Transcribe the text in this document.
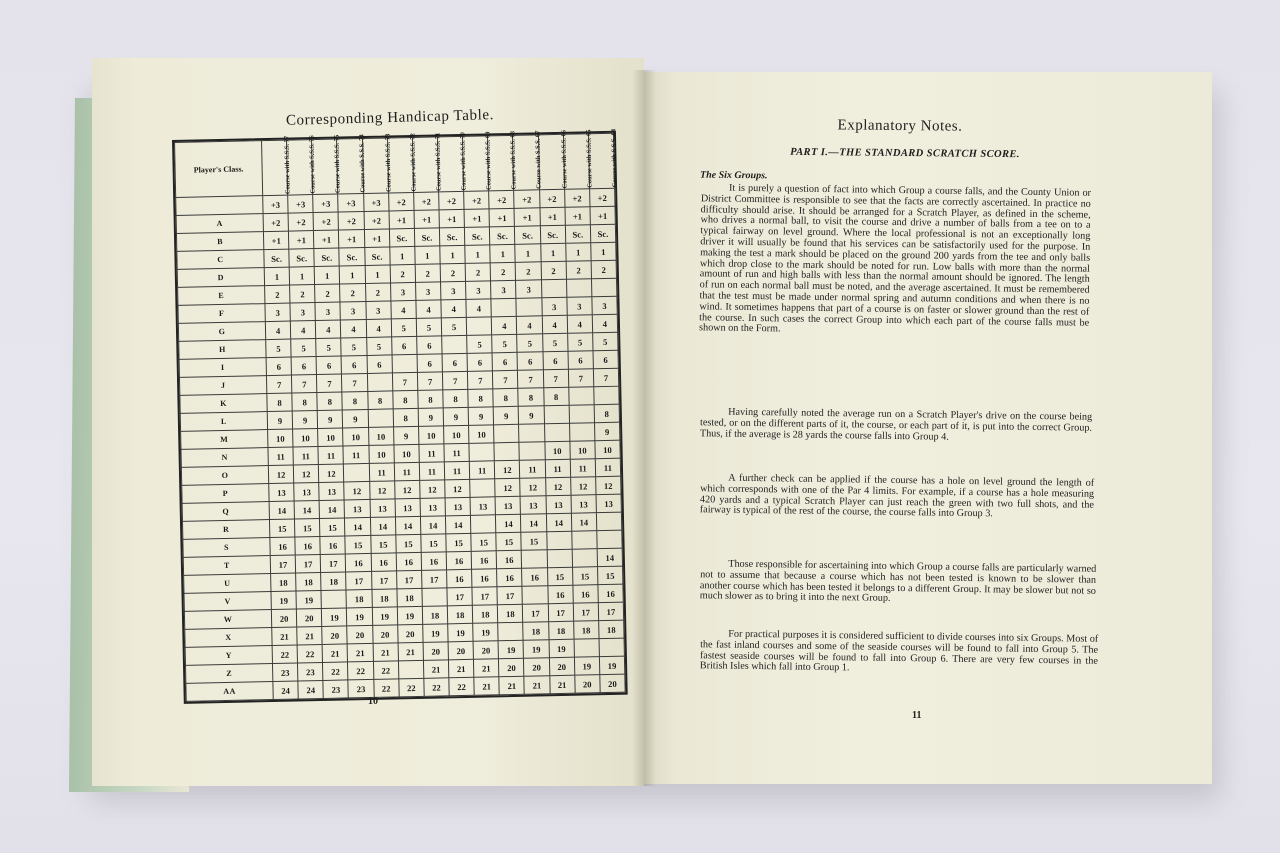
Corresponding Handicap Table.
Player's Class.	Course with S.S.S. 77	Course with S.S.S. 76	Course with S.S.S. 75	Course with S.S.S. 74	Course with S.S.S. 73	Course with S.S.S. 72	Course with S.S.S. 71	Course with S.S.S. 70	Course with S.S.S. 69	Course with S.S.S. 68	Course with S.S.S. 67	Course with S.S.S. 66	Course with S.S.S. 65	Course with S.S.S. 64
	+3	+3	+3	+3	+3	+2	+2	+2	+2	+2	+2	+2	+2	+2
A	+2	+2	+2	+2	+2	+1	+1	+1	+1	+1	+1	+1	+1	+1
B	+1	+1	+1	+1	+1	Sc.	Sc.	Sc.	Sc.	Sc.	Sc.	Sc.	Sc.	Sc.
C	Sc.	Sc.	Sc.	Sc.	Sc.	1	1	1	1	1	1	1	1	1
D	1	1	1	1	1	2	2	2	2	2	2	2	2	2
E	2	2	2	2	2	3	3	3	3	3	3			
F	3	3	3	3	3	4	4	4	4			3	3	3
G	4	4	4	4	4	5	5	5		4	4	4	4	4
H	5	5	5	5	5	6	6		5	5	5	5	5	5
I	6	6	6	6	6		6	6	6	6	6	6	6	6
J	7	7	7	7		7	7	7	7	7	7	7	7	7
K	8	8	8	8	8	8	8	8	8	8	8	8		
L	9	9	9	9		8	9	9	9	9	9			8
M	10	10	10	10	10	9	10	10	10					9
N	11	11	11	11	10	10	11	11				10	10	10
O	12	12	12		11	11	11	11	11	12	11	11	11	11
P	13	13	13	12	12	12	12	12		12	12	12	12	12
Q	14	14	14	13	13	13	13	13	13	13	13	13	13	13
R	15	15	15	14	14	14	14	14		14	14	14	14	
S	16	16	16	15	15	15	15	15	15	15	15			
T	17	17	17	16	16	16	16	16	16	16				14
U	18	18	18	17	17	17	17	16	16	16	16	15	15	15
V	19	19		18	18	18		17	17	17		16	16	16
W	20	20	19	19	19	19	18	18	18	18	17	17	17	17
X	21	21	20	20	20	20	19	19	19		18	18	18	18
Y	22	22	21	21	21	21	20	20	20	19	19	19		
Z	23	23	22	22	22		21	21	21	20	20	20	19	19
AA	24	24	23	23	22	22	22	22	21	21	21	21	20	20
10
Explanatory Notes.
PART I.—THE STANDARD SCRATCH SCORE.
The Six Groups.
It is purely a question of fact into which Group a course falls, and the County Union or District Committee is responsible to see that the facts are correctly ascertained. In practice no difficulty should arise. It should be arranged for a Scratch Player, as defined in the scheme, who drives a normal ball, to visit the course and drive a number of balls from a tee on to a typical fairway on level ground. Where the local professional is not an exceptionally long driver it will usually be found that his services can be satisfactorily used for the purpose. In making the test a mark should be placed on the ground 200 yards from the tee and only balls which drop close to the mark should be noted for run. Low balls with more than the normal amount of run and high balls with less than the normal amount should be ignored. The length of run on each normal ball must be noted, and the average ascertained. It must be remembered that the test must be made under normal spring and autumn conditions and when there is no wind. It sometimes happens that part of a course is on faster or slower ground than the rest of the course. In such cases the correct Group into which each part of the course falls must be shown on the Form.
Having carefully noted the average run on a Scratch Player's drive on the course being tested, or on the different parts of it, the course, or each part of it, is put into the correct Group. Thus, if the average is 28 yards the course falls into Group 4.
A further check can be applied if the course has a hole on level ground the length of which corresponds with one of the Par 4 limits. For example, if a course has a hole measuring 420 yards and a typical Scratch Player can just reach the green with two full shots, and the fairway is typical of the rest of the course, the course falls into Group 3.
Those responsible for ascertaining into which Group a course falls are particularly warned not to assume that because a course which has not been tested is known to be slower than another course which has been tested it belongs to a different Group. It may be slower but not so much slower as to bring it into the next Group.
For practical purposes it is considered sufficient to divide courses into six Groups. Most of the fast inland courses and some of the seaside courses will be found to fall into Group 5. The fastest seaside courses will be found to fall into Group 6. There are very few courses in the British Isles which fall into Group 1.
11
